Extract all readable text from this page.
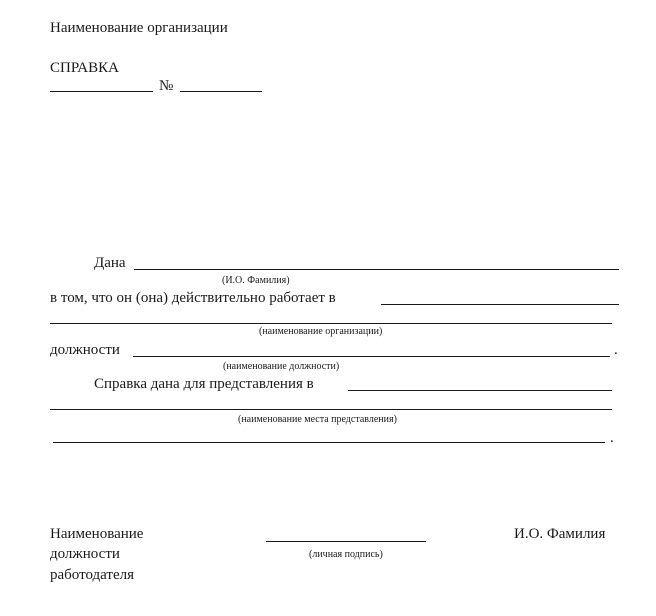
Наименование организации
СПРАВКА
№
Дана
(И.О. Фамилия)
в том, что он (она) действительно работает в
(наименование организации)
должности	.
(наименование должности)
Справка дана для представления в
(наименование места представления)
.
Наименование
должности
работодателя
(личная подпись)
И.О. Фамилия
